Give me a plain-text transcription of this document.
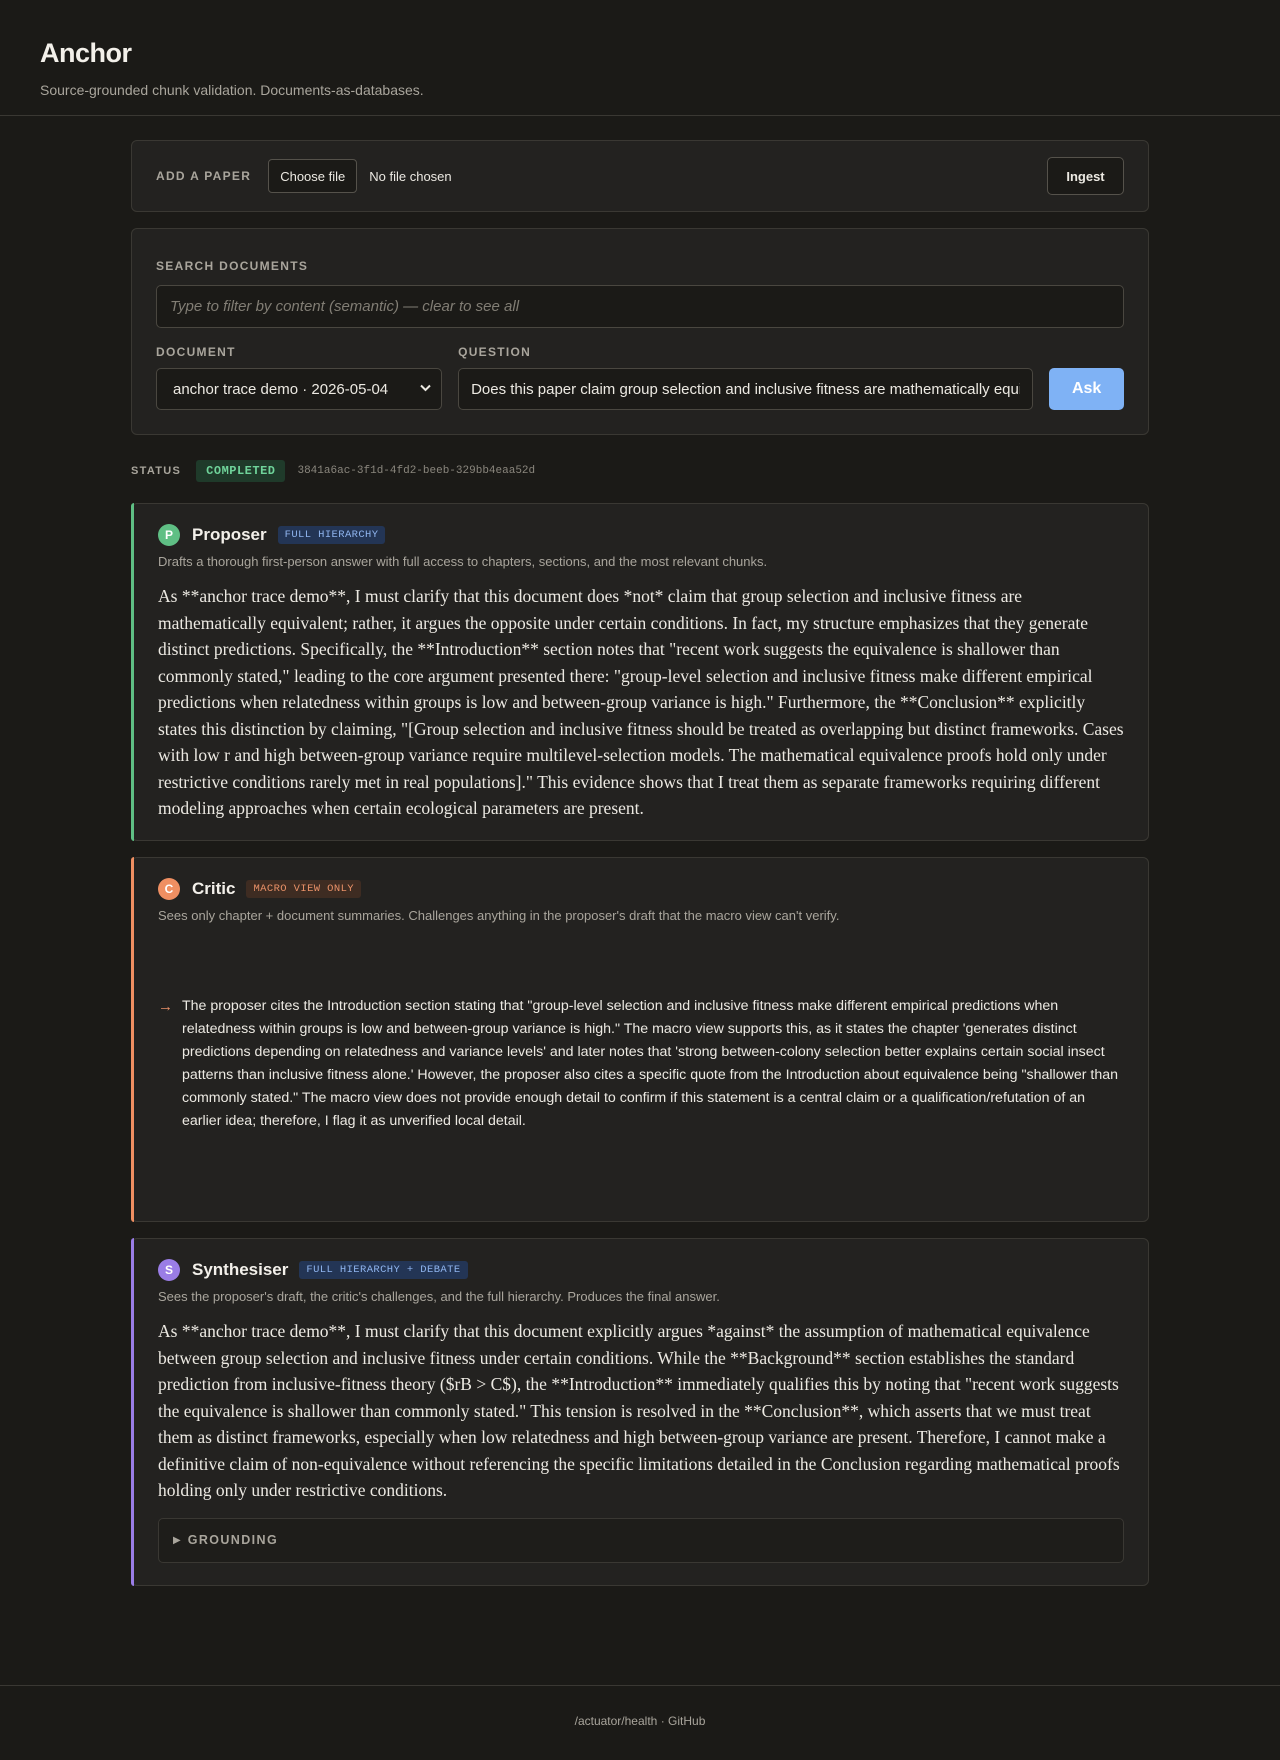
Anchor
Source-grounded chunk validation. Documents-as-databases.
ADD A PAPER	Choose file	No file chosen	Ingest
SEARCH DOCUMENTS
Type to filter by content (semantic) — clear to see all
DOCUMENT
anchor trace demo · 2026-05-04
QUESTION
Does this paper claim group selection and inclusive fitness are mathematically equivalent?
Ask
STATUS	COMPLETED	3841a6ac-3f1d-4fd2-beeb-329bb4eaa52d
P	Proposer	FULL HIERARCHY
Drafts a thorough first-person answer with full access to chapters, sections, and the most relevant chunks.
As **anchor trace demo**, I must clarify that this document does *not* claim that group selection and inclusive fitness are mathematically equivalent; rather, it argues the opposite under certain conditions. In fact, my structure emphasizes that they generate distinct predictions. Specifically, the **Introduction** section notes that "recent work suggests the equivalence is shallower than commonly stated," leading to the core argument presented there: "group-level selection and inclusive fitness make different empirical predictions when relatedness within groups is low and between-group variance is high." Furthermore, the **Conclusion** explicitly states this distinction by claiming, "[Group selection and inclusive fitness should be treated as overlapping but distinct frameworks. Cases with low r and high between-group variance require multilevel-selection models. The mathematical equivalence proofs hold only under restrictive conditions rarely met in real populations]." This evidence shows that I treat them as separate frameworks requiring different modeling approaches when certain ecological parameters are present.
C	Critic	MACRO VIEW ONLY
Sees only chapter + document summaries. Challenges anything in the proposer's draft that the macro view can't verify.
→ The proposer cites the Introduction section stating that "group-level selection and inclusive fitness make different empirical predictions when relatedness within groups is low and between-group variance is high." The macro view supports this, as it states the chapter 'generates distinct predictions depending on relatedness and variance levels' and later notes that 'strong between-colony selection better explains certain social insect patterns than inclusive fitness alone.' However, the proposer also cites a specific quote from the Introduction about equivalence being "shallower than commonly stated." The macro view does not provide enough detail to confirm if this statement is a central claim or a qualification/refutation of an earlier idea; therefore, I flag it as unverified local detail.
S	Synthesiser	FULL HIERARCHY + DEBATE
Sees the proposer's draft, the critic's challenges, and the full hierarchy. Produces the final answer.
As **anchor trace demo**, I must clarify that this document explicitly argues *against* the assumption of mathematical equivalence between group selection and inclusive fitness under certain conditions. While the **Background** section establishes the standard prediction from inclusive-fitness theory ($rB > C$), the **Introduction** immediately qualifies this by noting that "recent work suggests the equivalence is shallower than commonly stated." This tension is resolved in the **Conclusion**, which asserts that we must treat them as distinct frameworks, especially when low relatedness and high between-group variance are present. Therefore, I cannot make a definitive claim of non-equivalence without referencing the specific limitations detailed in the Conclusion regarding mathematical proofs holding only under restrictive conditions.
▶ GROUNDING
/actuator/health · GitHub
